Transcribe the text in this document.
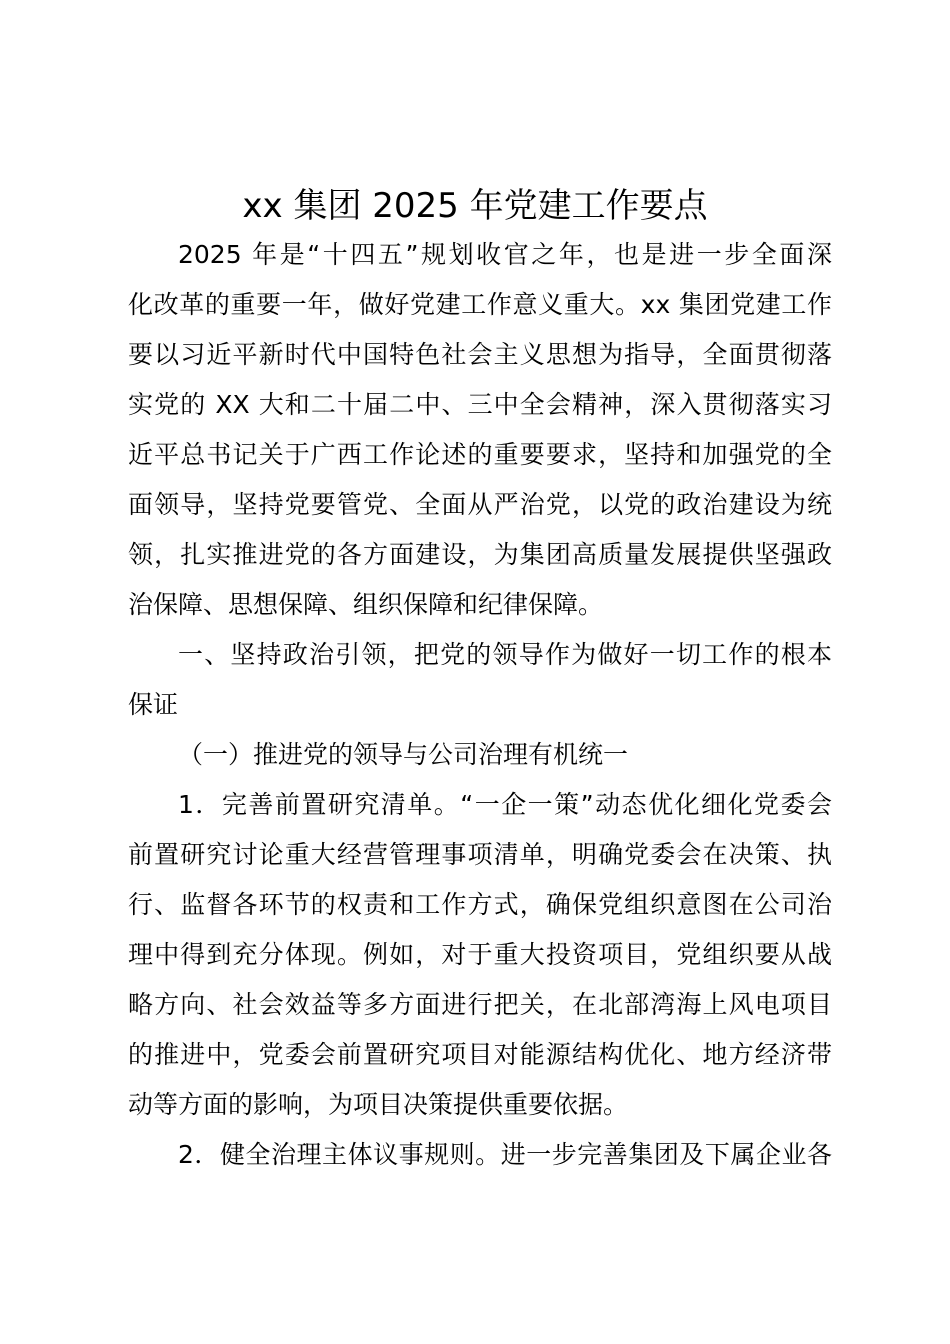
xx 集团 2025 年党建工作要点
2025 年是“十四五”规划收官之年，也是进一步全面深
化改革的重要一年，做好党建工作意义重大。xx 集团党建工作
要以习近平新时代中国特色社会主义思想为指导，全面贯彻落
实党的 XX 大和二十届二中、三中全会精神，深入贯彻落实习
近平总书记关于广西工作论述的重要要求，坚持和加强党的全
面领导，坚持党要管党、全面从严治党，以党的政治建设为统
领，扎实推进党的各方面建设，为集团高质量发展提供坚强政
治保障、思想保障、组织保障和纪律保障。
一、坚持政治引领，把党的领导作为做好一切工作的根本
保证
（一）推进党的领导与公司治理有机统一
1．完善前置研究清单。“一企一策”动态优化细化党委会
前置研究讨论重大经营管理事项清单，明确党委会在决策、执
行、监督各环节的权责和工作方式，确保党组织意图在公司治
理中得到充分体现。例如，对于重大投资项目，党组织要从战
略方向、社会效益等多方面进行把关，在北部湾海上风电项目
的推进中，党委会前置研究项目对能源结构优化、地方经济带
动等方面的影响，为项目决策提供重要依据。
2．健全治理主体议事规则。进一步完善集团及下属企业各
